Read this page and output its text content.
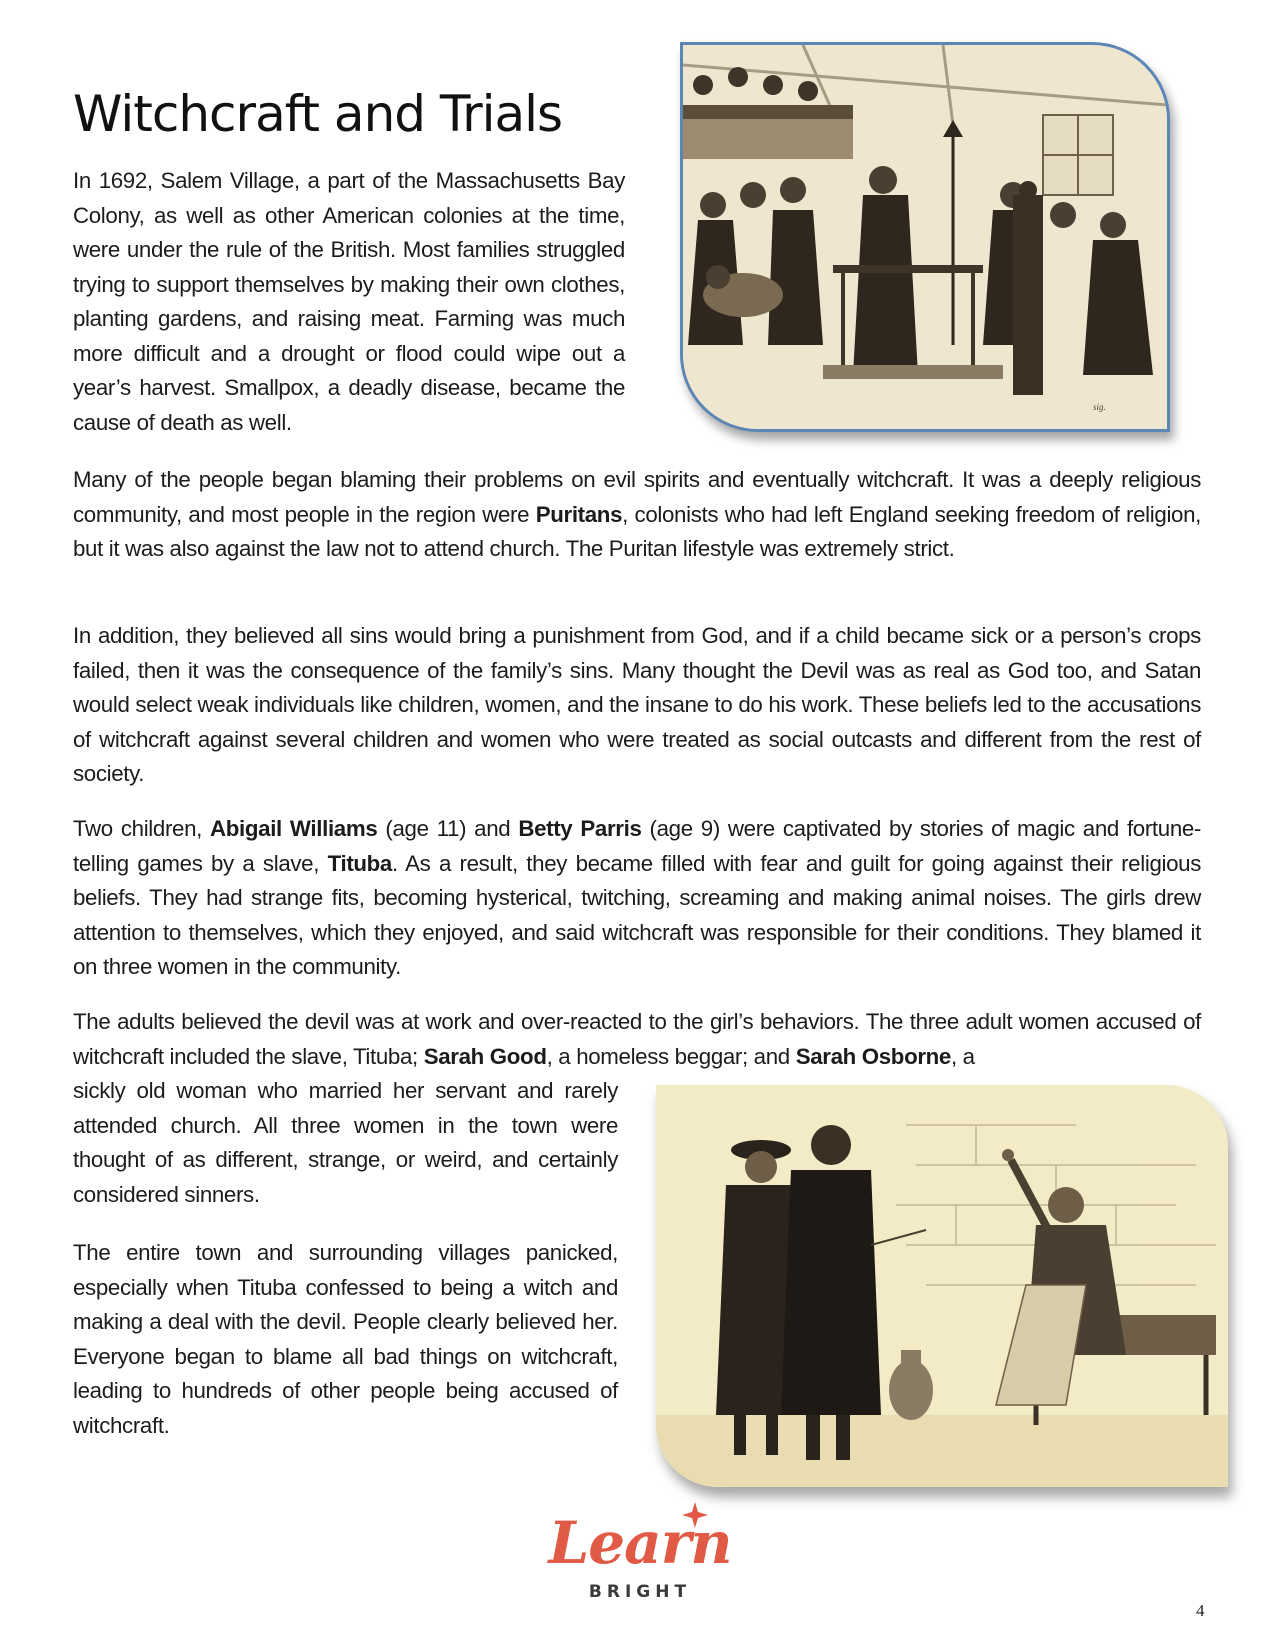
Witchcraft and Trials

In 1692, Salem Village, a part of the Massachusetts Bay Colony, as well as other American colonies at the time, were under the rule of the British. Most families struggled trying to support themselves by making their own clothes, planting gardens, and raising meat. Farming was much more difficult and a drought or flood could wipe out a year’s harvest. Smallpox, a deadly disease, became the cause of death as well.

sig.

Many of the people began blaming their problems on evil spirits and eventually witchcraft. It was a deeply religious community, and most people in the region were Puritans, colonists who had left England seeking freedom of religion, but it was also against the law not to attend church. The Puritan lifestyle was extremely strict.

In addition, they believed all sins would bring a punishment from God, and if a child became sick or a person’s crops failed, then it was the consequence of the family’s sins. Many thought the Devil was as real as God too, and Satan would select weak individuals like children, women, and the insane to do his work. These beliefs led to the accusations of witchcraft against several children and women who were treated as social outcasts and different from the rest of society.

Two children, Abigail Williams (age 11) and Betty Parris (age 9) were captivated by stories of magic and fortune-telling games by a slave, Tituba. As a result, they became filled with fear and guilt for going against their religious beliefs. They had strange fits, becoming hysterical, twitching, screaming and making animal noises. The girls drew attention to themselves, which they enjoyed, and said witchcraft was responsible for their conditions. They blamed it on three women in the community.

The adults believed the devil was at work and over-reacted to the girl’s behaviors. The three adult women accused of witchcraft included the slave, Tituba; Sarah Good, a homeless beggar; and Sarah Osborne, a

sickly old woman who married her servant and rarely attended church. All three women in the town were thought of as different, strange, or weird, and certainly considered sinners.

The entire town and surrounding villages panicked, especially when Tituba confessed to being a witch and making a deal with the devil. People clearly believed her. Everyone began to blame all bad things on witchcraft, leading to hundreds of other people being accused of witchcraft.

Learn
BRIGHT
4
